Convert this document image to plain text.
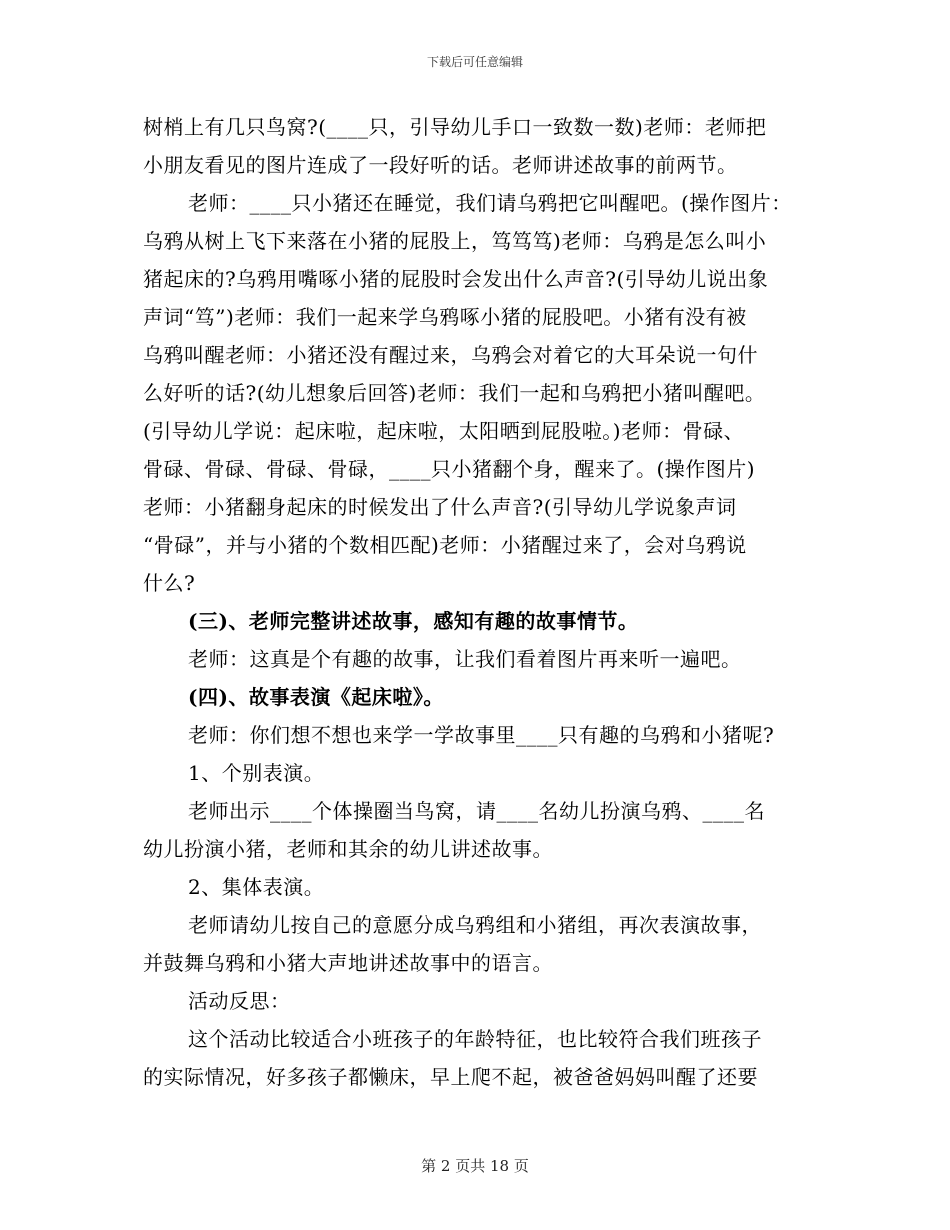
下载后可任意编辑
树梢上有几只鸟窝?(____只，引导幼儿手口一致数一数)老师：老师把
小朋友看见的图片连成了一段好听的话。老师讲述故事的前两节。
老师：____只小猪还在睡觉，我们请乌鸦把它叫醒吧。(操作图片：
乌鸦从树上飞下来落在小猪的屁股上，笃笃笃)老师：乌鸦是怎么叫小
猪起床的?乌鸦用嘴啄小猪的屁股时会发出什么声音?(引导幼儿说出象
声词“笃”)老师：我们一起来学乌鸦啄小猪的屁股吧。小猪有没有被
乌鸦叫醒老师：小猪还没有醒过来，乌鸦会对着它的大耳朵说一句什
么好听的话?(幼儿想象后回答)老师：我们一起和乌鸦把小猪叫醒吧。
(引导幼儿学说：起床啦，起床啦，太阳晒到屁股啦。)老师：骨碌、
骨碌、骨碌、骨碌、骨碌，____只小猪翻个身，醒来了。(操作图片)
老师：小猪翻身起床的时候发出了什么声音?(引导幼儿学说象声词
“骨碌”，并与小猪的个数相匹配)老师：小猪醒过来了，会对乌鸦说
什么?
(三)、老师完整讲述故事，感知有趣的故事情节。
老师：这真是个有趣的故事，让我们看着图片再来听一遍吧。
(四)、故事表演《起床啦》。
老师：你们想不想也来学一学故事里____只有趣的乌鸦和小猪呢?
1、个别表演。
老师出示____个体操圈当鸟窝，请____名幼儿扮演乌鸦、____名
幼儿扮演小猪，老师和其余的幼儿讲述故事。
2、集体表演。
老师请幼儿按自己的意愿分成乌鸦组和小猪组，再次表演故事，
并鼓舞乌鸦和小猪大声地讲述故事中的语言。
活动反思：
这个活动比较适合小班孩子的年龄特征，也比较符合我们班孩子
的实际情况，好多孩子都懒床，早上爬不起，被爸爸妈妈叫醒了还要
第 2 页共 18 页
